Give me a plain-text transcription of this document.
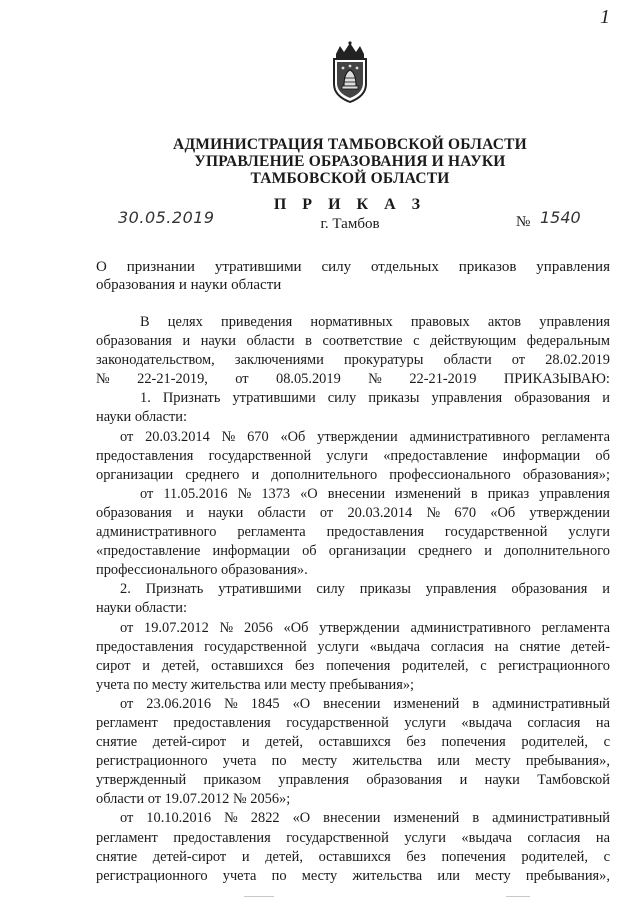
1
АДМИНИСТРАЦИЯ ТАМБОВСКОЙ ОБЛАСТИ
УПРАВЛЕНИЕ ОБРАЗОВАНИЯ И НАУКИ
ТАМБОВСКОЙ ОБЛАСТИ
П Р И К А З
г. Тамбов
30.05.2019	№ 1540
О признании утратившими силу отдельных приказов управления
образования и науки области
В целях приведения нормативных правовых актов управления
образования и науки области в соответствие с действующим федеральным
законодательством, заключениями прокуратуры области от 28.02.2019
№ 22-21-2019, от 08.05.2019 № 22-21-2019 ПРИКАЗЫВАЮ:
1. Признать утратившими силу приказы управления образования и
науки области:
от 20.03.2014 № 670 «Об утверждении административного регламента
предоставления государственной услуги «предоставление информации об
организации среднего и дополнительного профессионального образования»;
от 11.05.2016 № 1373 «О внесении изменений в приказ управления
образования и науки области от 20.03.2014 № 670 «Об утверждении
административного регламента предоставления государственной услуги
«предоставление информации об организации среднего и дополнительного
профессионального образования».
2. Признать утратившими силу приказы управления образования и
науки области:
от 19.07.2012 № 2056 «Об утверждении административного регламента
предоставления государственной услуги «выдача согласия на снятие детей-
сирот и детей, оставшихся без попечения родителей, с регистрационного
учета по месту жительства или месту пребывания»;
от 23.06.2016 № 1845 «О внесении изменений в административный
регламент предоставления государственной услуги «выдача согласия на
снятие детей-сирот и детей, оставшихся без попечения родителей, с
регистрационного учета по месту жительства или месту пребывания»,
утвержденный приказом управления образования и науки Тамбовской
области от 19.07.2012 № 2056»;
от 10.10.2016 № 2822 «О внесении изменений в административный
регламент предоставления государственной услуги «выдача согласия на
снятие детей-сирот и детей, оставшихся без попечения родителей, с
регистрационного учета по месту жительства или месту пребывания»,
